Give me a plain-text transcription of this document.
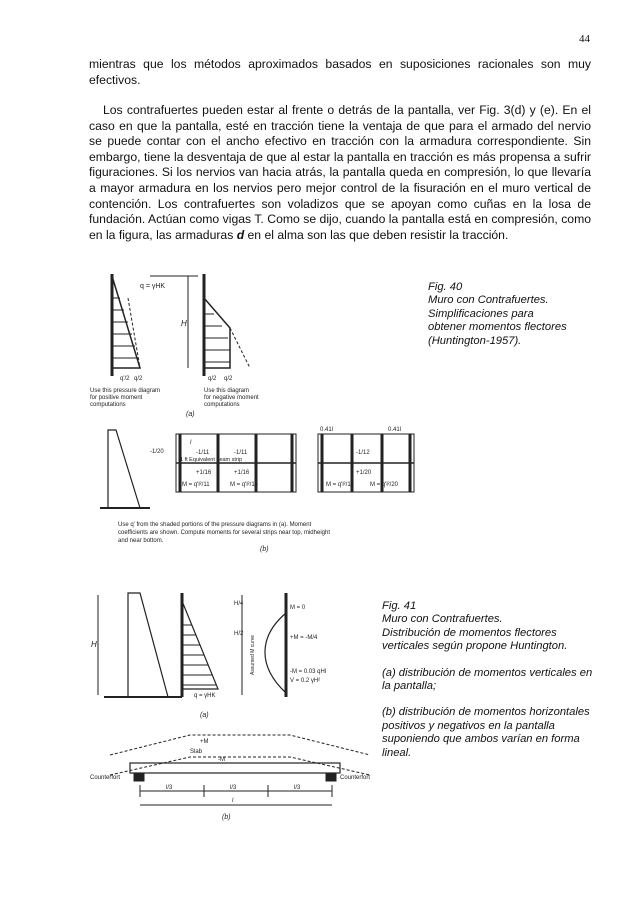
44

mientras que los métodos aproximados basados en suposiciones racionales son muy efectivos.

Los contrafuertes pueden estar al frente o detrás de la pantalla, ver Fig. 3(d) y (e). En el caso en que la pantalla, esté en tracción tiene la ventaja de que para el armado del nervio se puede contar con el ancho efectivo en tracción con la armadura correspondiente. Sin embargo, tiene la desventaja de que al estar la pantalla en tracción es más propensa a sufrir figuraciones. Si los nervios van hacia atrás, la pantalla queda en compresión, lo que llevaría a mayor armadura en los nervios pero mejor control de la fisuración en el muro vertical de contención. Los contrafuertes son voladizos que se apoyan como cuñas en la losa de fundación. Actúan como vigas T. Como se dijo, cuando la pantalla está en compresión, como en la figura, las armaduras d en el alma son las que deben resistir la tracción.

q = γHK
H
q'/2 q/2	q/2 q/2
Use this pressure diagram for positive moment computations
Use this diagram for negative moment computations
(a)
l
-1/20	-1/11	-1/11
1 ft Equivalent beam strip
+1/16	+1/16
M = q'l²/11	M = q'l²/16
0.41l	0.41l
-1/12
+1/20
M = q'l²/12	M = q'l²/20
Use q' from the shaded portions of the pressure diagrams in (a). Moment coefficients are shown. Compute moments for several strips near top, midheight and near bottom.
(b)
Fig. 40
Muro con Contrafuertes.
Simplificaciones para
obtener momentos flectores
(Huntington-1957).
H
q = γHK
H/4
H/2
M = 0
+M = -M/4
-M = 0.03 qHl
V = 0.2 γH²
Assumed M curve
(a)
+M
-M
Slab
Counterfort	Counterfort
l/3	l/3	l/3
l
(b)

Fig. 41
Muro con Contrafuertes.
Distribución de momentos flectores
verticales según propone Huntington.

(a) distribución de momentos verticales en la pantalla;

(b) distribución de momentos horizontales positivos y negativos en la pantalla suponiendo que ambos varían en forma lineal.
